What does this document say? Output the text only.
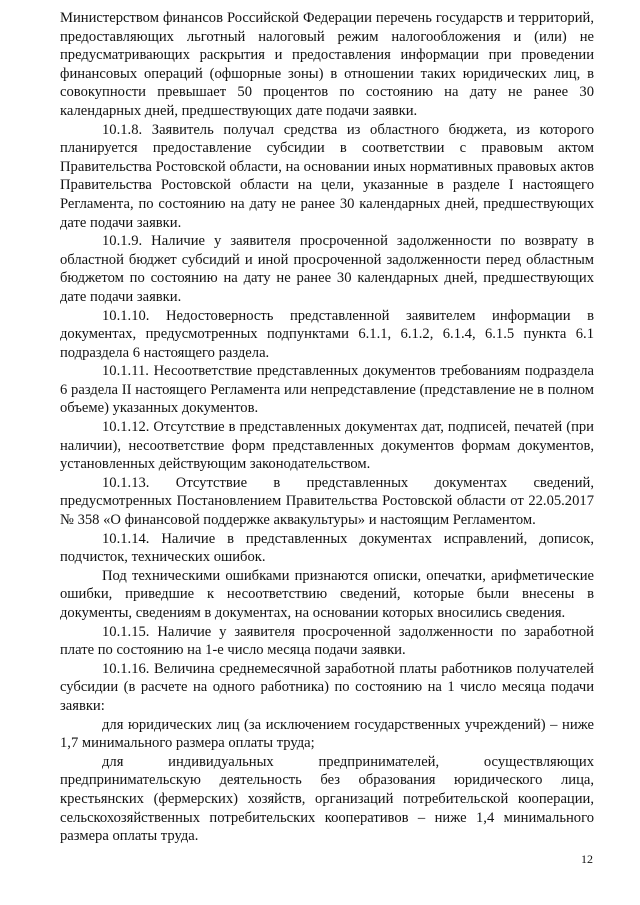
Министерством финансов Российской Федерации перечень государств и территорий, предоставляющих льготный налоговый режим налогообложения и (или) не предусматривающих раскрытия и предоставления информации при проведении финансовых операций (офшорные зоны) в отношении таких юридических лиц, в совокупности превышает 50 процентов по состоянию на дату не ранее 30 календарных дней, предшествующих дате подачи заявки.

10.1.8. Заявитель получал средства из областного бюджета, из которого планируется предоставление субсидии в соответствии с правовым актом Правительства Ростовской области, на основании иных нормативных правовых актов Правительства Ростовской области на цели, указанные в разделе I настоящего Регламента, по состоянию на дату не ранее 30 календарных дней, предшествующих дате подачи заявки.

10.1.9. Наличие у заявителя просроченной задолженности по возврату в областной бюджет субсидий и иной просроченной задолженности перед областным бюджетом по состоянию на дату не ранее 30 календарных дней, предшествующих дате подачи заявки.

10.1.10. Недостоверность представленной заявителем информации в документах, предусмотренных подпунктами 6.1.1, 6.1.2, 6.1.4, 6.1.5 пункта 6.1 подраздела 6 настоящего раздела.

10.1.11. Несоответствие представленных документов требованиям подраздела 6 раздела II настоящего Регламента или непредставление (представление не в полном объеме) указанных документов.

10.1.12. Отсутствие в представленных документах дат, подписей, печатей (при наличии), несоответствие форм представленных документов формам документов, установленных действующим законодательством.

10.1.13. Отсутствие в представленных документах сведений, предусмотренных Постановлением Правительства Ростовской области от 22.05.2017 № 358 «О финансовой поддержке аквакультуры» и настоящим Регламентом.

10.1.14. Наличие в представленных документах исправлений, дописок, подчисток, технических ошибок.

Под техническими ошибками признаются описки, опечатки, арифметические ошибки, приведшие к несоответствию сведений, которые были внесены в документы, сведениям в документах, на основании которых вносились сведения.

10.1.15. Наличие у заявителя просроченной задолженности по заработной плате по состоянию на 1-е число месяца подачи заявки.

10.1.16. Величина среднемесячной заработной платы работников получателей субсидии (в расчете на одного работника) по состоянию на 1 число месяца подачи заявки:

для юридических лиц (за исключением государственных учреждений) – ниже 1,7 минимального размера оплаты труда;

для индивидуальных предпринимателей, осуществляющих предпринимательскую деятельность без образования юридического лица, крестьянских (фермерских) хозяйств, организаций потребительской кооперации, сельскохозяйственных потребительских кооперативов – ниже 1,4 минимального размера оплаты труда.

12
